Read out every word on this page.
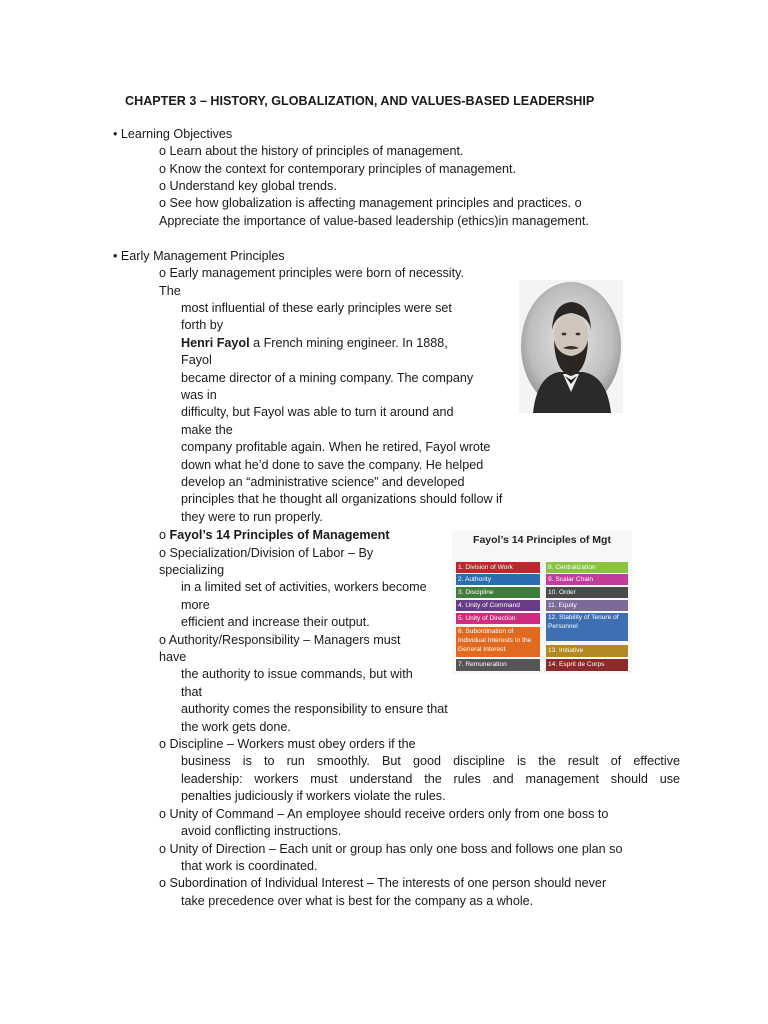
CHAPTER 3 – HISTORY, GLOBALIZATION, AND VALUES-BASED LEADERSHIP
• Learning Objectives
o Learn about the history of principles of management.
o Know the context for contemporary principles of management.
o Understand key global trends.
o See how globalization is affecting management principles and practices. o
Appreciate the importance of value-based leadership (ethics)in management.
• Early Management Principles
o Early management principles were born of necessity.
The
most influential of these early principles were set
forth by
Henri Fayol a French mining engineer. In 1888,
Fayol
became director of a mining company. The company
was in
difficulty, but Fayol was able to turn it around and
make the
company profitable again. When he retired, Fayol wrote
down what he’d done to save the company. He helped
develop an “administrative science” and developed
principles that he thought all organizations should follow if
they were to run properly.
o Fayol’s 14 Principles of Management
o Specialization/Division of Labor – By
specializing
in a limited set of activities, workers become
more
efficient and increase their output.
o Authority/Responsibility – Managers must
have
the authority to issue commands, but with
that
authority comes the responsibility to ensure that
the work gets done.
o Discipline – Workers must obey orders if the
business is to run smoothly. But good discipline is the result of effective
leadership: workers must understand the rules and management should use
penalties judiciously if workers violate the rules.
o Unity of Command – An employee should receive orders only from one boss to
avoid conflicting instructions.
o Unity of Direction – Each unit or group has only one boss and follows one plan so
that work is coordinated.
o Subordination of Individual Interest – The interests of one person should never
take precedence over what is best for the company as a whole.
Fayol’s 14 Principles of Mgt
1. Division of Work
2. Authority
3. Discipline
4. Unity of Command
5. Unity of Direction
6. Subordination of Individual Interests to the General Interest
7. Remuneration
8. Centralization
9. Scalar Chain
10. Order
11. Equity
12. Stability of Tenure of Personnel
13. Initiative
14. Esprit de Corps
